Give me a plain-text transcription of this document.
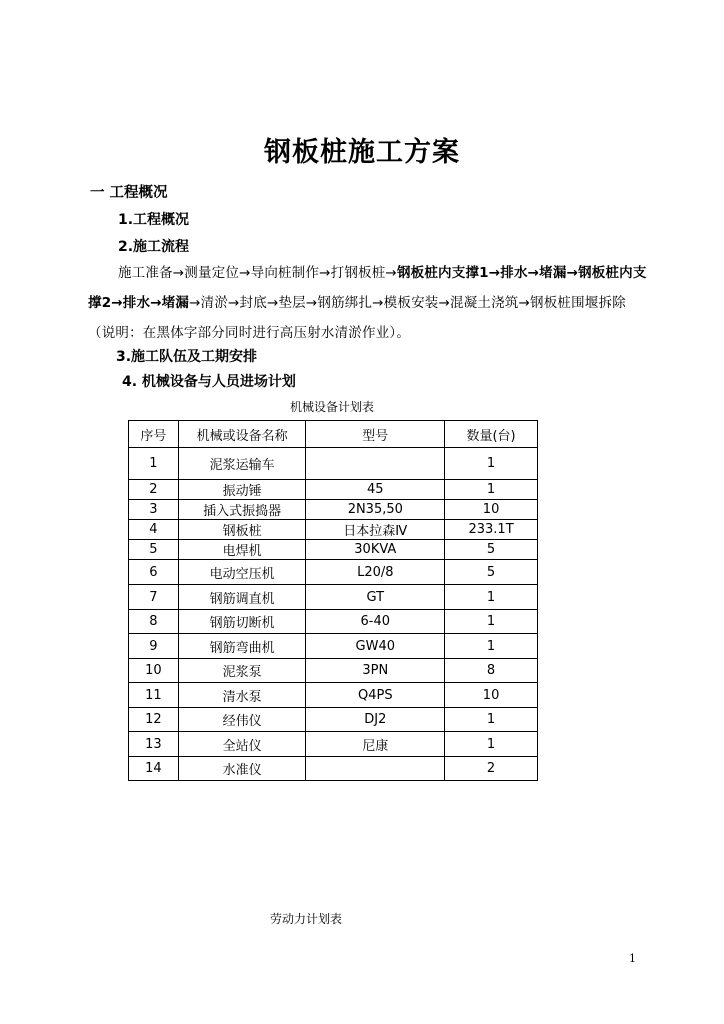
钢板桩施工方案
一 工程概况
1.工程概况
2.施工流程
施工准备→测量定位→导向桩制作→打钢板桩→钢板桩内支撑1→排水→堵漏→钢板桩内支撑2→排水→堵漏→清淤→封底→垫层→钢筋绑扎→模板安装→混凝土浇筑→钢板桩围堰拆除（说明：在黑体字部分同时进行高压射水清淤作业）。
3.施工队伍及工期安排
4. 机械设备与人员进场计划
机械设备计划表
序号	机械或设备名称	型号	数量(台)
1	泥浆运输车		1
2	振动锤	45	1
3	插入式振捣器	2N35,50	10
4	钢板桩	日本拉森Ⅳ	233.1T
5	电焊机	30KVA	5
6	电动空压机	L20/8	5
7	钢筋调直机	GT	1
8	钢筋切断机	6-40	1
9	钢筋弯曲机	GW40	1
10	泥浆泵	3PN	8
11	清水泵	Q4PS	10
12	经伟仪	DJ2	1
13	全站仪	尼康	1
14	水准仪		2
劳动力计划表
1
